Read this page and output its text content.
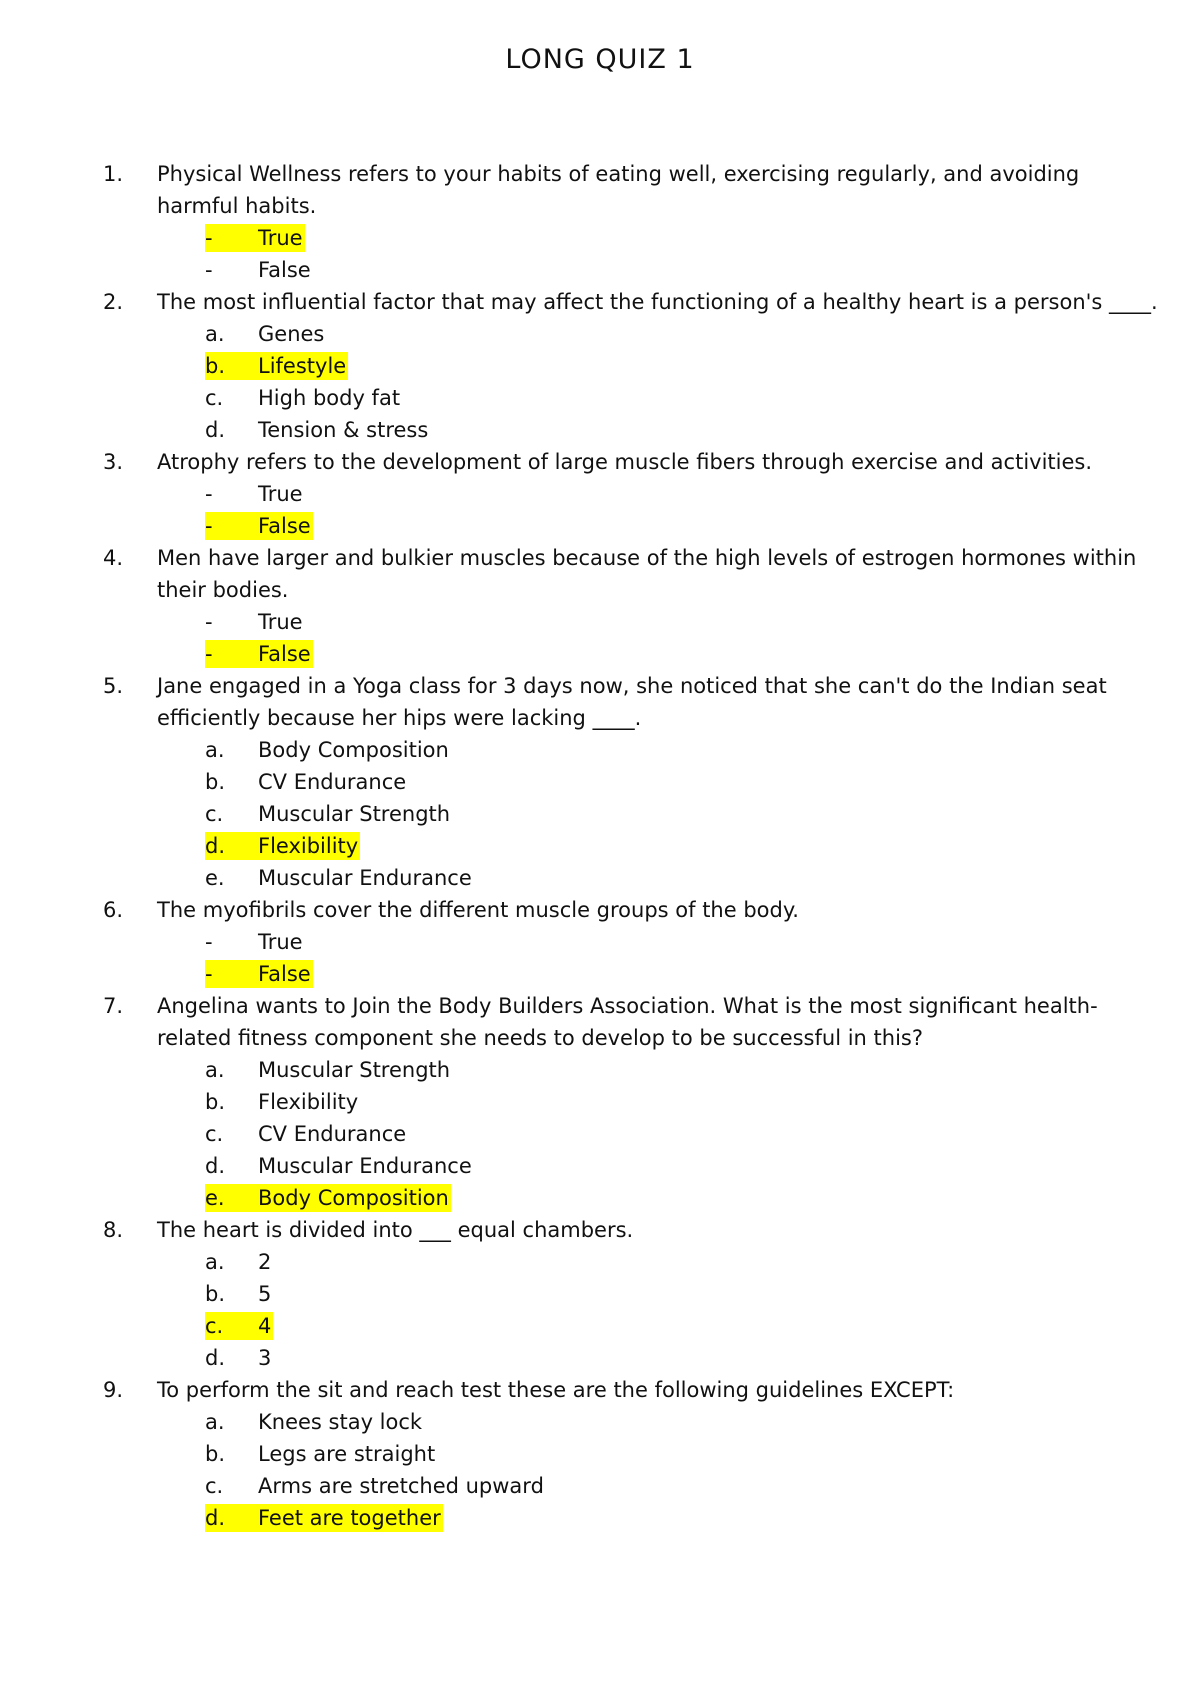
LONG QUIZ 1
1. Physical Wellness refers to your habits of eating well, exercising regularly, and avoiding harmful habits.
- True
- False
2. The most influential factor that may affect the functioning of a healthy heart is a person's ____.
a. Genes
b. Lifestyle
c. High body fat
d. Tension & stress
3. Atrophy refers to the development of large muscle fibers through exercise and activities.
- True
- False
4. Men have larger and bulkier muscles because of the high levels of estrogen hormones within their bodies.
- True
- False
5. Jane engaged in a Yoga class for 3 days now, she noticed that she can't do the Indian seat efficiently because her hips were lacking ____.
a. Body Composition
b. CV Endurance
c. Muscular Strength
d. Flexibility
e. Muscular Endurance
6. The myofibrils cover the different muscle groups of the body.
- True
- False
7. Angelina wants to Join the Body Builders Association. What is the most significant health-related fitness component she needs to develop to be successful in this?
a. Muscular Strength
b. Flexibility
c. CV Endurance
d. Muscular Endurance
e. Body Composition
8. The heart is divided into ___ equal chambers.
a. 2
b. 5
c. 4
d. 3
9. To perform the sit and reach test these are the following guidelines EXCEPT:
a. Knees stay lock
b. Legs are straight
c. Arms are stretched upward
d. Feet are together
